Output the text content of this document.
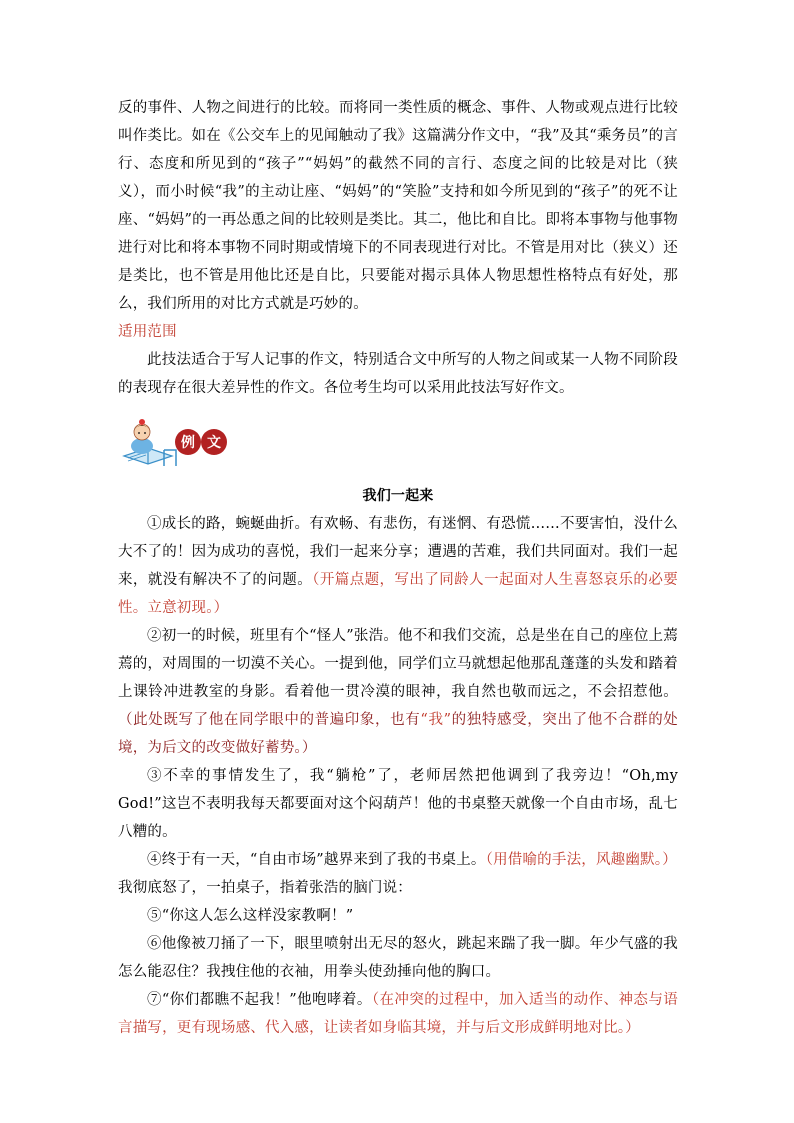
反的事件、人物之间进行的比较。而将同一类性质的概念、事件、人物或观点进行比较叫作类比。如在《公交车上的见闻触动了我》这篇满分作文中，“我”及其“乘务员”的言行、态度和所见到的“孩子”“妈妈”的截然不同的言行、态度之间的比较是对比（狭义），而小时候“我”的主动让座、“妈妈”的“笑脸”支持和如今所见到的“孩子”的死不让座、“妈妈”的一再怂恿之间的比较则是类比。其二，他比和自比。即将本事物与他事物进行对比和将本事物不同时期或情境下的不同表现进行对比。不管是用对比（狭义）还是类比，也不管是用他比还是自比，只要能对揭示具体人物思想性格特点有好处，那么，我们所用的对比方式就是巧妙的。

适用范围

此技法适合于写人记事的作文，特别适合文中所写的人物之间或某一人物不同阶段的表现存在很大差异性的作文。各位考生均可以采用此技法写好作文。

例 文

我们一起来

①成长的路，蜿蜒曲折。有欢畅、有悲伤，有迷惘、有恐慌……不要害怕，没什么大不了的！因为成功的喜悦，我们一起来分享；遭遇的苦难，我们共同面对。我们一起来，就没有解决不了的问题。（开篇点题，写出了同龄人一起面对人生喜怒哀乐的必要性。立意初现。）

②初一的时候，班里有个“怪人”张浩。他不和我们交流，总是坐在自己的座位上蔫蔫的，对周围的一切漠不关心。一提到他，同学们立马就想起他那乱蓬蓬的头发和踏着上课铃冲进教室的身影。看着他一贯冷漠的眼神，我自然也敬而远之，不会招惹他。（此处既写了他在同学眼中的普遍印象，也有“我”的独特感受，突出了他不合群的处境，为后文的改变做好蓄势。）

③不幸的事情发生了，我“躺枪”了，老师居然把他调到了我旁边！“Oh,my God!”这岂不表明我每天都要面对这个闷葫芦！他的书桌整天就像一个自由市场，乱七八糟的。

④终于有一天，“自由市场”越界来到了我的书桌上。（用借喻的手法，风趣幽默。）

我彻底怒了，一拍桌子，指着张浩的脑门说：

⑤“你这人怎么这样没家教啊！”

⑥他像被刀捅了一下，眼里喷射出无尽的怒火，跳起来踹了我一脚。年少气盛的我怎么能忍住？我拽住他的衣袖，用拳头使劲捶向他的胸口。

⑦“你们都瞧不起我！”他咆哮着。（在冲突的过程中，加入适当的动作、神态与语言描写，更有现场感、代入感，让读者如身临其境，并与后文形成鲜明地对比。）
